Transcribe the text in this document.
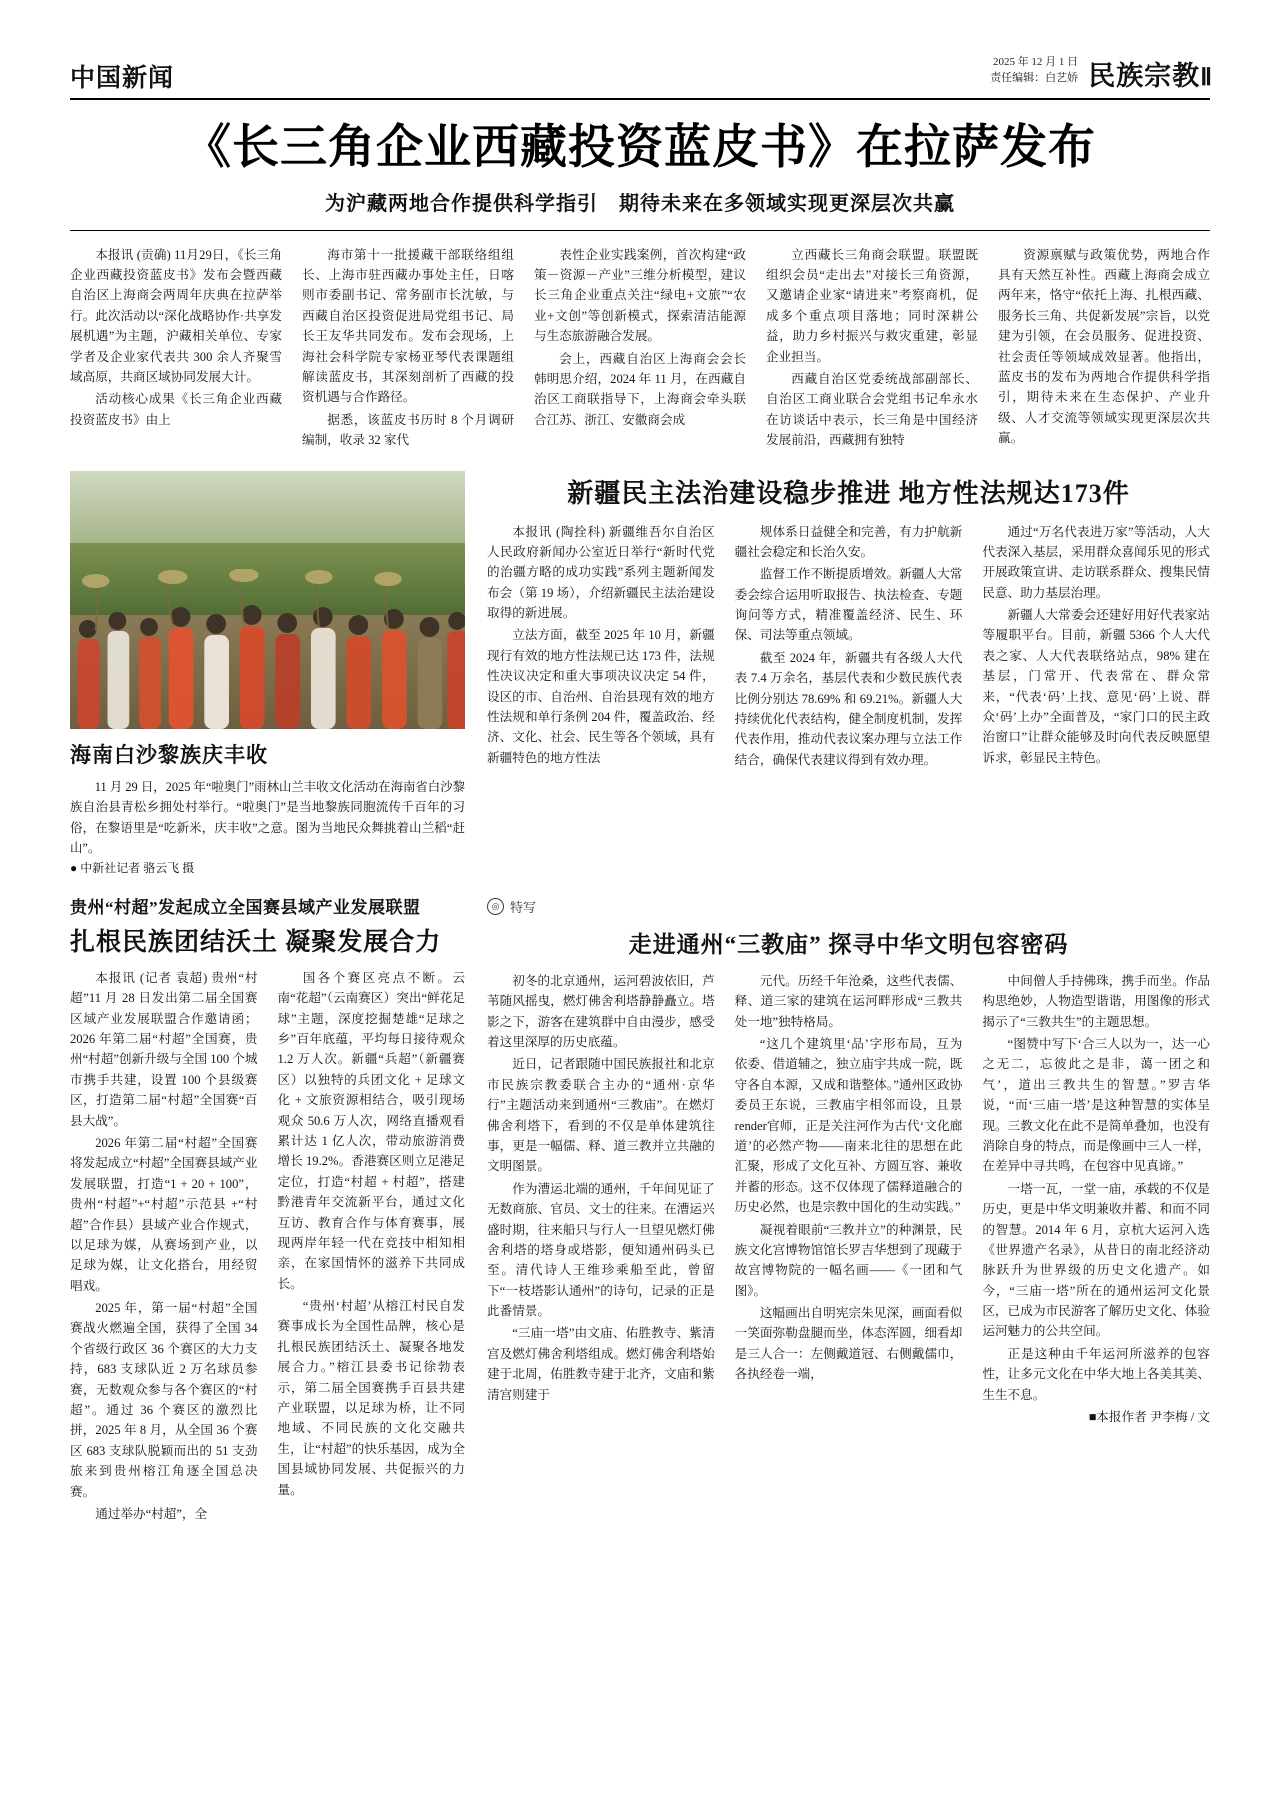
中国新闻
2025 年 12 月 1 日
责任编辑：白艺娇 民族宗教Ⅱ
《长三角企业西藏投资蓝皮书》在拉萨发布
为沪藏两地合作提供科学指引　期待未来在多领域实现更深层次共赢

本报讯 (贡确) 11月29日，《长三角企业西藏投资蓝皮书》发布会暨西藏自治区上海商会两周年庆典在拉萨举行。此次活动以“深化战略协作·共享发展机遇”为主题，沪藏相关单位、专家学者及企业家代表共 300 余人齐聚雪域高原，共商区域协同发展大计。

活动核心成果《长三角企业西藏投资蓝皮书》由上

海市第十一批援藏干部联络组组长、上海市驻西藏办事处主任，日喀则市委副书记、常务副市长沈敏，与西藏自治区投资促进局党组书记、局长王友华共同发布。发布会现场，上海社会科学院专家杨亚琴代表课题组解读蓝皮书，其深刻剖析了西藏的投资机遇与合作路径。

据悉，该蓝皮书历时 8 个月调研编制，收录 32 家代

表性企业实践案例，首次构建“政策－资源－产业”三维分析模型，建议长三角企业重点关注“绿电+文旅”“农业+文创”等创新模式，探索清洁能源与生态旅游融合发展。

会上，西藏自治区上海商会会长韩明思介绍，2024 年 11 月，在西藏自治区工商联指导下，上海商会牵头联合江苏、浙江、安徽商会成

立西藏长三角商会联盟。联盟既组织会员“走出去”对接长三角资源，又邀请企业家“请进来”考察商机，促成多个重点项目落地；同时深耕公益，助力乡村振兴与救灾重建，彰显企业担当。

西藏自治区党委统战部副部长、自治区工商业联合会党组书记牟永水在访谈话中表示，长三角是中国经济发展前沿，西藏拥有独特

资源禀赋与政策优势，两地合作具有天然互补性。西藏上海商会成立两年来，恪守“依托上海、扎根西藏、服务长三角、共促新发展”宗旨，以党建为引领，在会员服务、促进投资、社会责任等领域成效显著。他指出，蓝皮书的发布为两地合作提供科学指引，期待未来在生态保护、产业升级、人才交流等领域实现更深层次共赢。

海南白沙黎族庆丰收

11 月 29 日，2025 年“啦奥门”雨林山兰丰收文化活动在海南省白沙黎族自治县青松乡拥处村举行。“啦奥门”是当地黎族同胞流传千百年的习俗，在黎语里是“吃新米，庆丰收”之意。图为当地民众舞挑着山兰稻“赶山”。

● 中新社记者 骆云飞 摄

新疆民主法治建设稳步推进 地方性法规达173件

本报讯 (陶拴科) 新疆维吾尔自治区人民政府新闻办公室近日举行“新时代党的治疆方略的成功实践”系列主题新闻发布会（第 19 场），介绍新疆民主法治建设取得的新进展。

立法方面，截至 2025 年 10 月，新疆现行有效的地方性法规已达 173 件，法规性决议决定和重大事项决议决定 54 件，设区的市、自治州、自治县现有效的地方性法规和单行条例 204 件，覆盖政治、经济、文化、社会、民生等各个领域，具有新疆特色的地方性法

规体系日益健全和完善，有力护航新疆社会稳定和长治久安。

监督工作不断提质增效。新疆人大常委会综合运用听取报告、执法检查、专题询问等方式，精准覆盖经济、民生、环保、司法等重点领域。

截至 2024 年，新疆共有各级人大代表 7.4 万余名，基层代表和少数民族代表比例分别达 78.69% 和 69.21%。新疆人大持续优化代表结构，健全制度机制，发挥代表作用，推动代表议案办理与立法工作结合，确保代表建议得到有效办理。

通过“万名代表进万家”等活动，人大代表深入基层，采用群众喜闻乐见的形式开展政策宣讲、走访联系群众、搜集民情民意、助力基层治理。

新疆人大常委会还建好用好代表家站等履职平台。目前，新疆 5366 个人大代表之家、人大代表联络站点，98% 建在基层，门常开、代表常在、群众常来，“代表‘码’上找、意见‘码’上说、群众‘码’上办”全面普及，“家门口的民主政治窗口”让群众能够及时向代表反映愿望诉求，彰显民主特色。

贵州“村超”发起成立全国赛县域产业发展联盟
扎根民族团结沃土 凝聚发展合力

本报讯 (记者 袁超) 贵州“村超”11 月 28 日发出第二届全国赛区域产业发展联盟合作邀请函；2026 年第二届“村超”全国赛，贵州“村超”创新升级与全国 100 个城市携手共建，设置 100 个县级赛区，打造第二届“村超”全国赛“百县大战”。

2026 年第二届“村超”全国赛将发起成立“村超”全国赛县域产业发展联盟，打造“1 + 20 + 100”，贵州“村超”+“村超”示范县 +“村超”合作县）县域产业合作规式，以足球为媒，从赛场到产业，以足球为媒，让文化搭台，用经贸唱戏。

2025 年，第一届“村超”全国赛战火燃遍全国，获得了全国 34 个省级行政区 36 个赛区的大力支持，683 支球队近 2 万名球员参赛，无数观众参与各个赛区的“村超”。通过 36 个赛区的激烈比拼，2025 年 8 月，从全国 36 个赛区 683 支球队脱颖而出的 51 支劲旅来到贵州榕江角逐全国总决赛。

通过举办“村超”，全

国各个赛区亮点不断。云南“花超”（云南赛区）突出“鲜花足球”主题，深度挖掘楚雄“足球之乡”百年底蕴，平均每日接待观众 1.2 万人次。新疆“兵超”（新疆赛区）以独特的兵团文化 + 足球文化 + 文旅资源相结合，吸引现场观众 50.6 万人次，网络直播观看累计达 1 亿人次，带动旅游消费增长 19.2%。香港赛区则立足港足定位，打造“村超 + 村超”，搭建黔港青年交流新平台，通过文化互访、教育合作与体育赛事，展现两岸年轻一代在竞技中相知相亲，在家国情怀的滋养下共同成长。

“贵州‘村超’从榕江村民自发赛事成长为全国性品牌，核心是扎根民族团结沃土、凝聚各地发展合力。”榕江县委书记徐勃表示，第二届全国赛携手百县共建产业联盟，以足球为桥，让不同地域、不同民族的文化交融共生，让“村超”的快乐基因，成为全国县域协同发展、共促振兴的力量。

◎ 特写
走进通州“三教庙” 探寻中华文明包容密码

初冬的北京通州，运河碧波依旧，芦苇随风摇曳，燃灯佛舍利塔静静矗立。塔影之下，游客在建筑群中自由漫步，感受着这里深厚的历史底蕴。

近日，记者跟随中国民族报社和北京市民族宗教委联合主办的“通州·京华行”主题活动来到通州“三教庙”。在燃灯佛舍利塔下，看到的不仅是单体建筑往事，更是一幅儒、释、道三教并立共融的文明图景。

作为漕运北端的通州，千年间见证了无数商旅、官员、文士的往来。在漕运兴盛时期，往来船只与行人一旦望见燃灯佛舍利塔的塔身或塔影，便知通州码头已至。清代诗人王维珍乘船至此，曾留下“一枝塔影认通州”的诗句，记录的正是此番情景。

“三庙一塔”由文庙、佑胜教寺、紫清宫及燃灯佛舍利塔组成。燃灯佛舍利塔始建于北周，佑胜教寺建于北齐，文庙和紫清宫则建于

元代。历经千年沧桑，这些代表儒、释、道三家的建筑在运河畔形成“三教共处一地”独特格局。

“这几个建筑里‘品’字形布局，互为依委、借道辅之，独立庙宇共成一院，既守各自本源，又成和谐整体。”通州区政协委员王东说，三教庙宇相邻而设，且景render官师，正是关注河作为古代‘文化廊道’的必然产物——南来北往的思想在此汇聚，形成了文化互补、方圆互容、兼收并蓄的形态。这不仅体现了儒释道融合的历史必然，也是宗教中国化的生动实践。”

凝视着眼前“三教并立”的种渊景，民族文化宫博物馆馆长罗吉华想到了现藏于故宫博物院的一幅名画——《一团和气图》。

这幅画出自明宪宗朱见深，画面看似一笑面弥勒盘腿而坐，体态浑圆，细看却是三人合一：左侧戴道冠、右侧戴儒巾，各执经卷一端，

中间僧人手持佛珠，携手而坐。作品构思绝妙，人物造型谐谐，用图像的形式揭示了“三教共生”的主题思想。

“图赞中写下‘合三人以为一，达一心之无二，忘彼此之是非，蔼一团之和气’，道出三教共生的智慧。”罗吉华说，“而‘三庙一塔’是这种智慧的实体呈现。三教文化在此不是简单叠加，也没有消除自身的特点，而是像画中三人一样，在差异中寻共鸣，在包容中见真谛。”

一塔一瓦，一堂一庙，承载的不仅是历史，更是中华文明兼收并蓄、和而不同的智慧。2014 年 6 月，京杭大运河入选《世界遗产名录》，从昔日的南北经济动脉跃升为世界级的历史文化遗产。如今，“三庙一塔”所在的通州运河文化景区，已成为市民游客了解历史文化、体验运河魅力的公共空间。

正是这种由千年运河所滋养的包容性，让多元文化在中华大地上各美其美、生生不息。

■本报作者 尹李梅 / 文
